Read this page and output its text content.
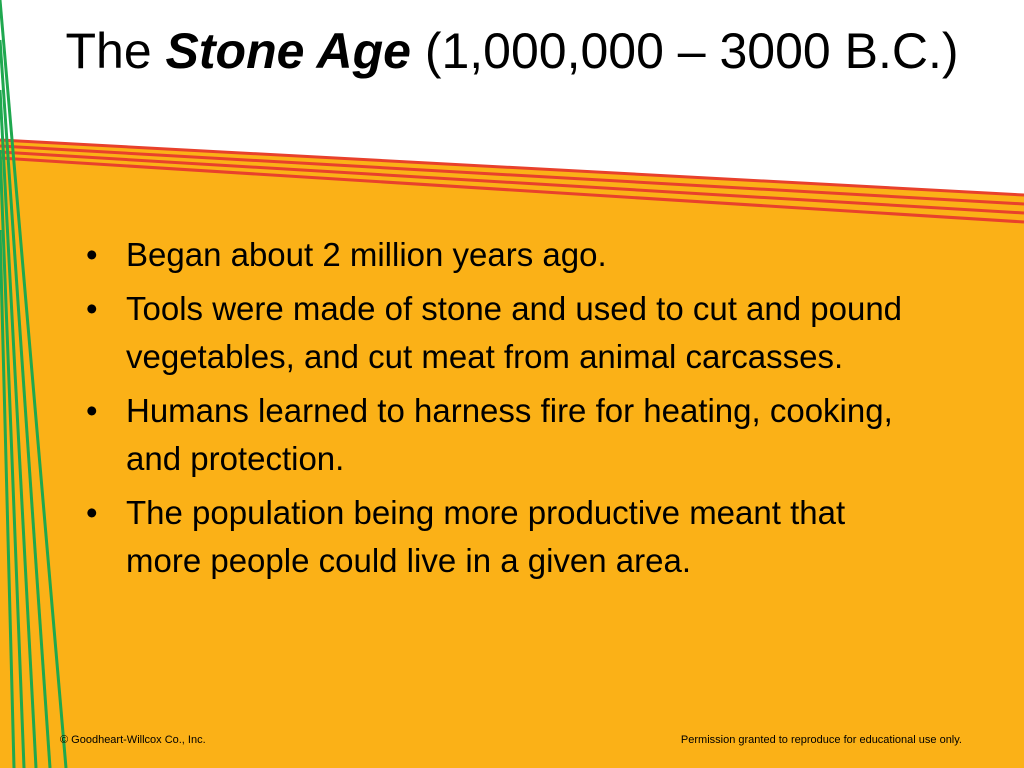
The Stone Age (1,000,000 – 3000 B.C.)
• Began about 2 million years ago.
• Tools were made of stone and used to cut and pound vegetables, and cut meat from animal carcasses.
• Humans learned to harness fire for heating, cooking, and protection.
• The population being more productive meant that more people could live in a given area.
© Goodheart-Willcox Co., Inc.	Permission granted to reproduce for educational use only.
